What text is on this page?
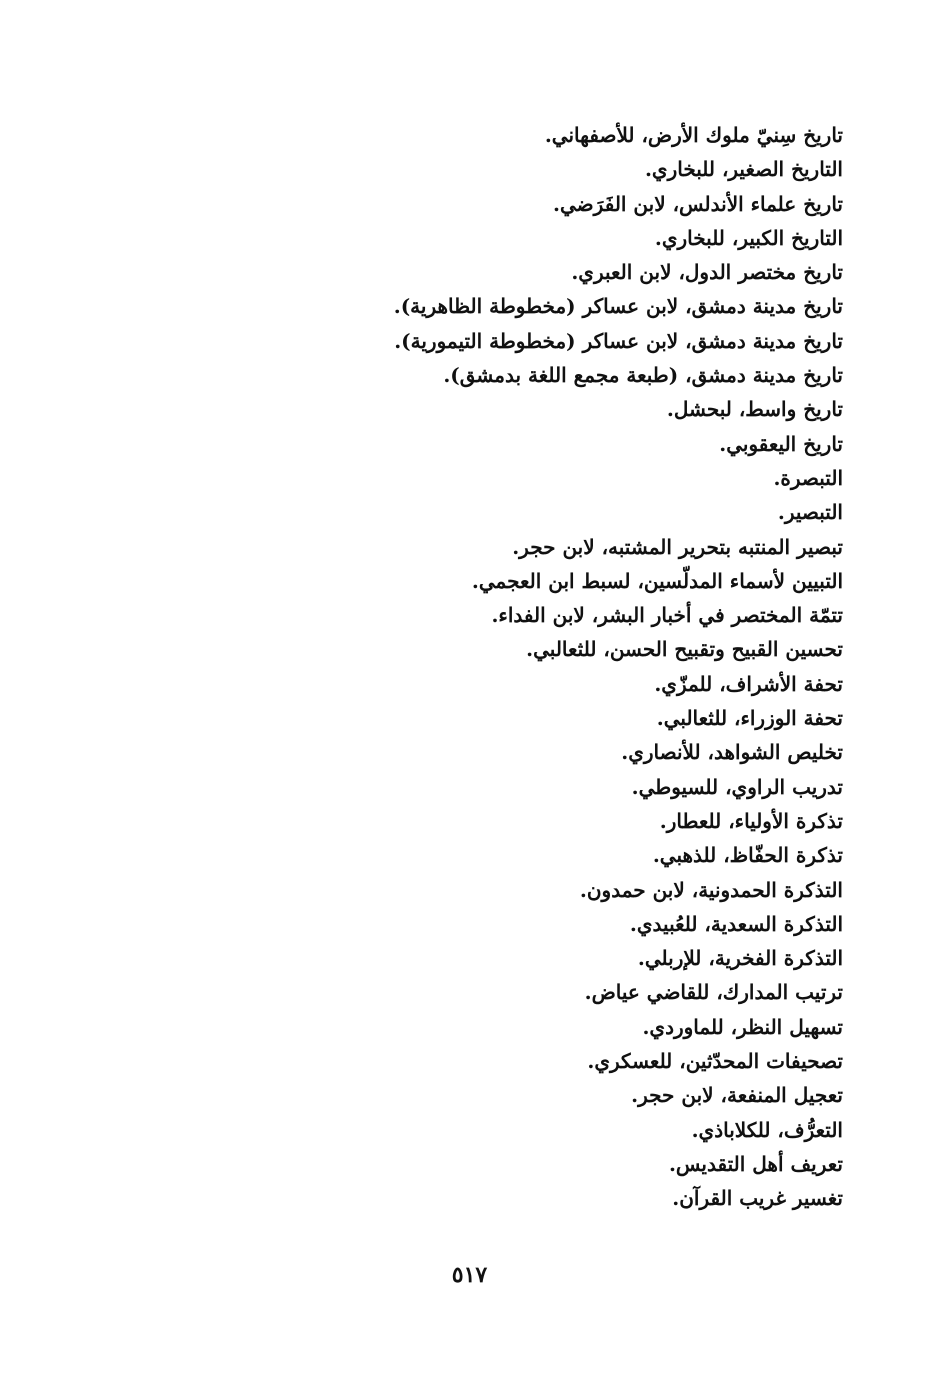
تاريخ سِنيّ ملوك الأرض، للأصفهاني.
التاريخ الصغير، للبخاري.
تاريخ علماء الأندلس، لابن الفَرَضي.
التاريخ الكبير، للبخاري.
تاريخ مختصر الدول، لابن العبري.
تاريخ مدينة دمشق، لابن عساكر (مخطوطة الظاهرية).
تاريخ مدينة دمشق، لابن عساكر (مخطوطة التيمورية).
تاريخ مدينة دمشق، (طبعة مجمع اللغة بدمشق).
تاريخ واسط، لبحشل.
تاريخ اليعقوبي.
التبصرة.
التبصير.
تبصير المنتبه بتحرير المشتبه، لابن حجر.
التبيين لأسماء المدلّسين، لسبط ابن العجمي.
تتمّة المختصر في أخبار البشر، لابن الفداء.
تحسين القبيح وتقبيح الحسن، للثعالبي.
تحفة الأشراف، للمزّي.
تحفة الوزراء، للثعالبي.
تخليص الشواهد، للأنصاري.
تدريب الراوي، للسيوطي.
تذكرة الأولياء، للعطار.
تذكرة الحفّاظ، للذهبي.
التذكرة الحمدونية، لابن حمدون.
التذكرة السعدية، للعُبيدي.
التذكرة الفخرية، للإربلي.
ترتيب المدارك، للقاضي عياض.
تسهيل النظر، للماوردي.
تصحيفات المحدّثين، للعسكري.
تعجيل المنفعة، لابن حجر.
التعرُّف، للكلاباذي.
تعريف أهل التقديس.
تغسير غريب القرآن.
٥١٧
